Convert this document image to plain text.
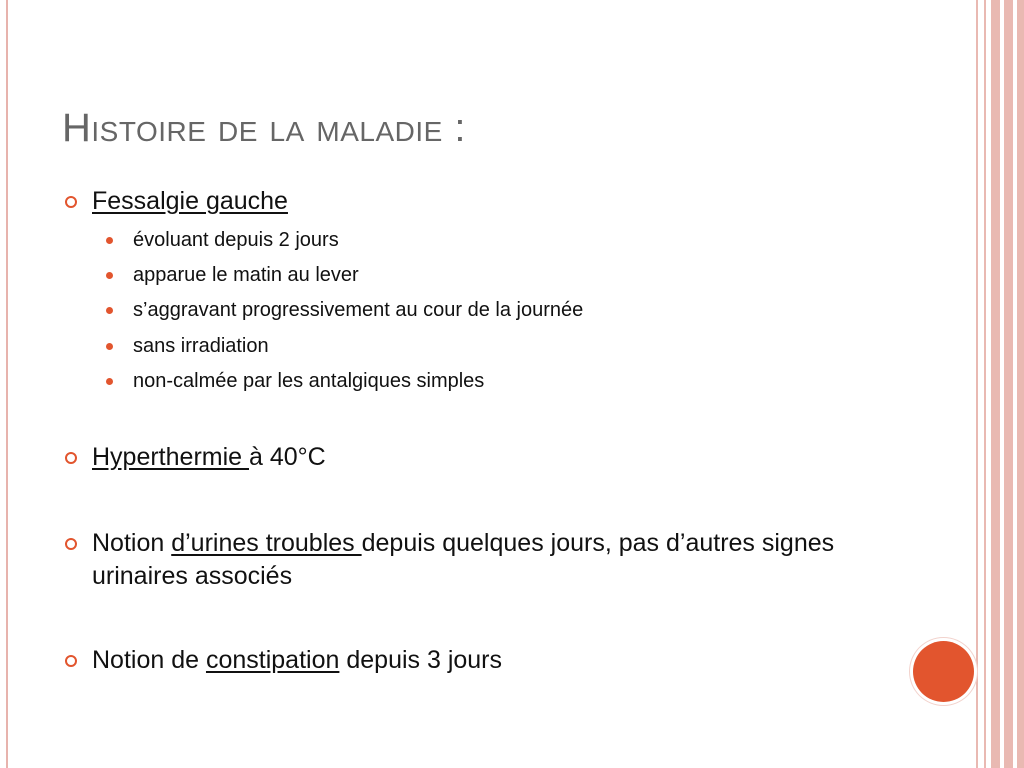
Histoire de la maladie :
Fessalgie gauche
évoluant depuis 2 jours
apparue le matin au lever
s’aggravant progressivement au cour de la journée
sans irradiation
non-calmée par les antalgiques simples
Hyperthermie à 40°C
Notion d’urines troubles depuis quelques jours, pas d’autres signes urinaires associés
Notion de constipation depuis 3 jours
